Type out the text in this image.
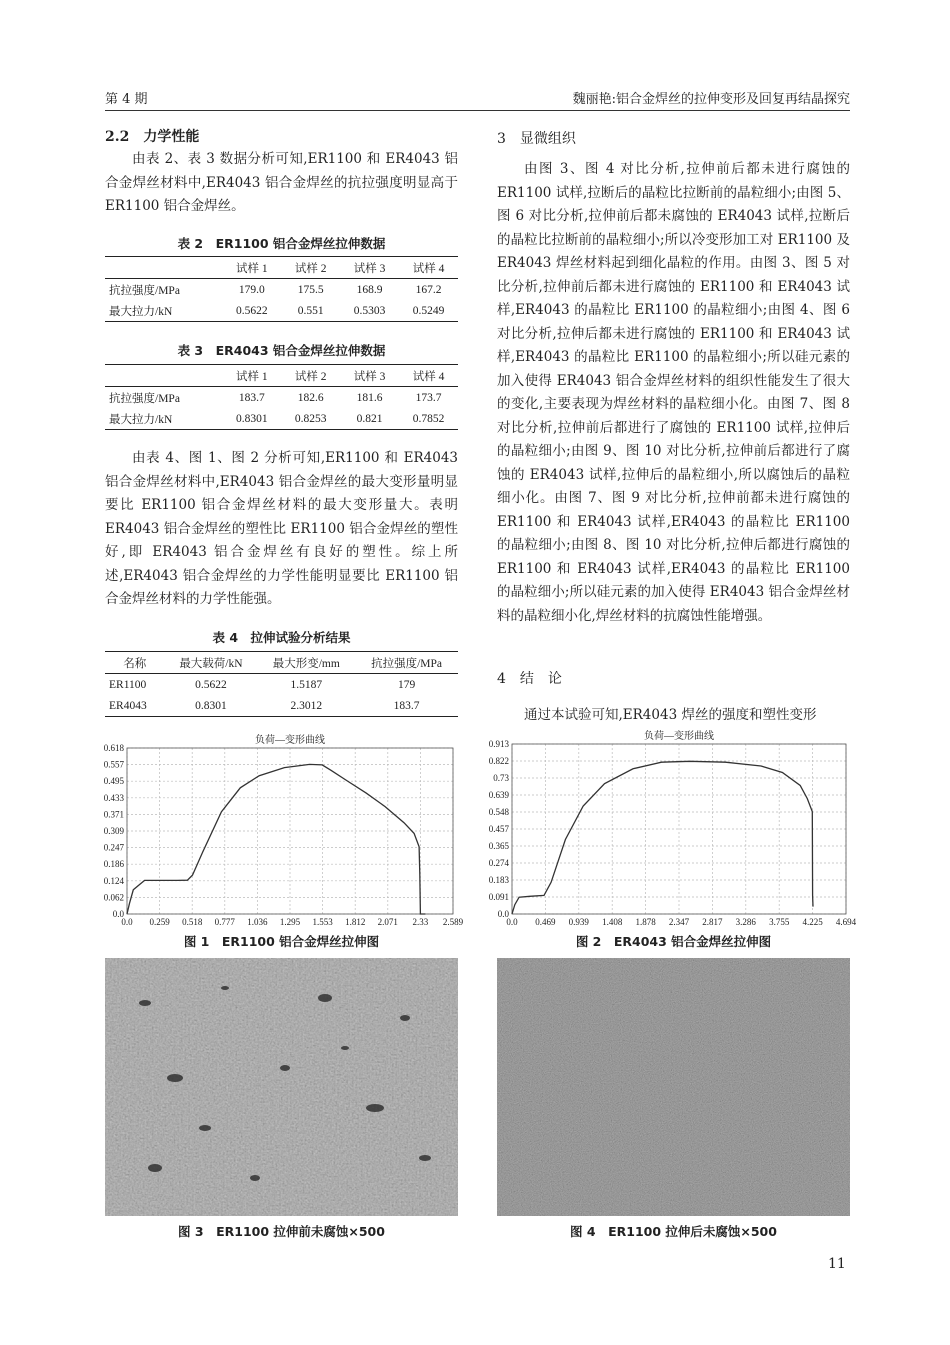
第 4 期	魏丽艳:铝合金焊丝的拉伸变形及回复再结晶探究
2.2　力学性能

由表 2、表 3 数据分析可知,ER1100 和 ER4043 铝合金焊丝材料中,ER4043 铝合金焊丝的抗拉强度明显高于 ER1100 铝合金焊丝。

表 2　ER1100 铝合金焊丝拉伸数据
	试样 1	试样 2	试样 3	试样 4
抗拉强度/MPa	179.0	175.5	168.9	167.2
最大拉力/kN	0.5622	0.551	0.5303	0.5249
表 3　ER4043 铝合金焊丝拉伸数据
	试样 1	试样 2	试样 3	试样 4
抗拉强度/MPa	183.7	182.6	181.6	173.7
最大拉力/kN	0.8301	0.8253	0.821	0.7852

由表 4、图 1、图 2 分析可知,ER1100 和 ER4043 铝合金焊丝材料中,ER4043 铝合金焊丝的最大变形量明显要比 ER1100 铝合金焊丝材料的最大变形量大。表明 ER4043 铝合金焊丝的塑性比 ER1100 铝合金焊丝的塑性好,即 ER4043 铝合金焊丝有良好的塑性。综上所述,ER4043 铝合金焊丝的力学性能明显要比 ER1100 铝合金焊丝材料的力学性能强。

表 4　拉伸试验分析结果
名称	最大载荷/kN	最大形变/mm	抗拉强度/MPa
ER1100	0.5622	1.5187	179
ER4043	0.8301	2.3012	183.7
3　显微组织

由图 3、图 4 对比分析,拉伸前后都未进行腐蚀的 ER1100 试样,拉断后的晶粒比拉断前的晶粒细小;由图 5、图 6 对比分析,拉伸前后都未腐蚀的 ER4043 试样,拉断后的晶粒比拉断前的晶粒细小;所以冷变形加工对 ER1100 及 ER4043 焊丝材料起到细化晶粒的作用。由图 3、图 5 对比分析,拉伸前后都未进行腐蚀的 ER1100 和 ER4043 试样,ER4043 的晶粒比 ER1100 的晶粒细小;由图 4、图 6 对比分析,拉伸后都未进行腐蚀的 ER1100 和 ER4043 试样,ER4043 的晶粒比 ER1100 的晶粒细小;所以硅元素的加入使得 ER4043 铝合金焊丝材料的组织性能发生了很大的变化,主要表现为焊丝材料的晶粒细小化。由图 7、图 8 对比分析,拉伸前后都进行了腐蚀的 ER1100 试样,拉伸后的晶粒细小;由图 9、图 10 对比分析,拉伸前后都进行了腐蚀的 ER4043 试样,拉伸后的晶粒细小,所以腐蚀后的晶粒细小化。由图 7、图 9 对比分析,拉伸前都未进行腐蚀的 ER1100 和 ER4043 试样,ER4043 的晶粒比 ER1100 的晶粒细小;由图 8、图 10 对比分析,拉伸后都进行腐蚀的ER1100 和 ER4043 试样,ER4043 的晶粒比 ER1100 的晶粒细小;所以硅元素的加入使得 ER4043 铝合金焊丝材料的晶粒细小化,焊丝材料的抗腐蚀性能增强。

4　结　论

通过本试验可知,ER4043 焊丝的强度和塑性变形

负荷—变形曲线
0.0
0.062
0.124
0.186
0.247
0.309
0.371
0.433
0.495
0.557
0.618
0.0 0.259 0.518 0.777 1.036 1.295 1.553 1.812 2.071 2.33 2.589
图 1　ER1100 铝合金焊丝拉伸图
负荷—变形曲线
0.0
0.091
0.183
0.274
0.365
0.457
0.548
0.639
0.73
0.822
0.913
0.0 0.469 0.939 1.408 1.878 2.347 2.817 3.286 3.755 4.225 4.694
图 2　ER4043 铝合金焊丝拉伸图
图 3　ER1100 拉伸前未腐蚀×500	图 4　ER1100 拉伸后未腐蚀×500
11
